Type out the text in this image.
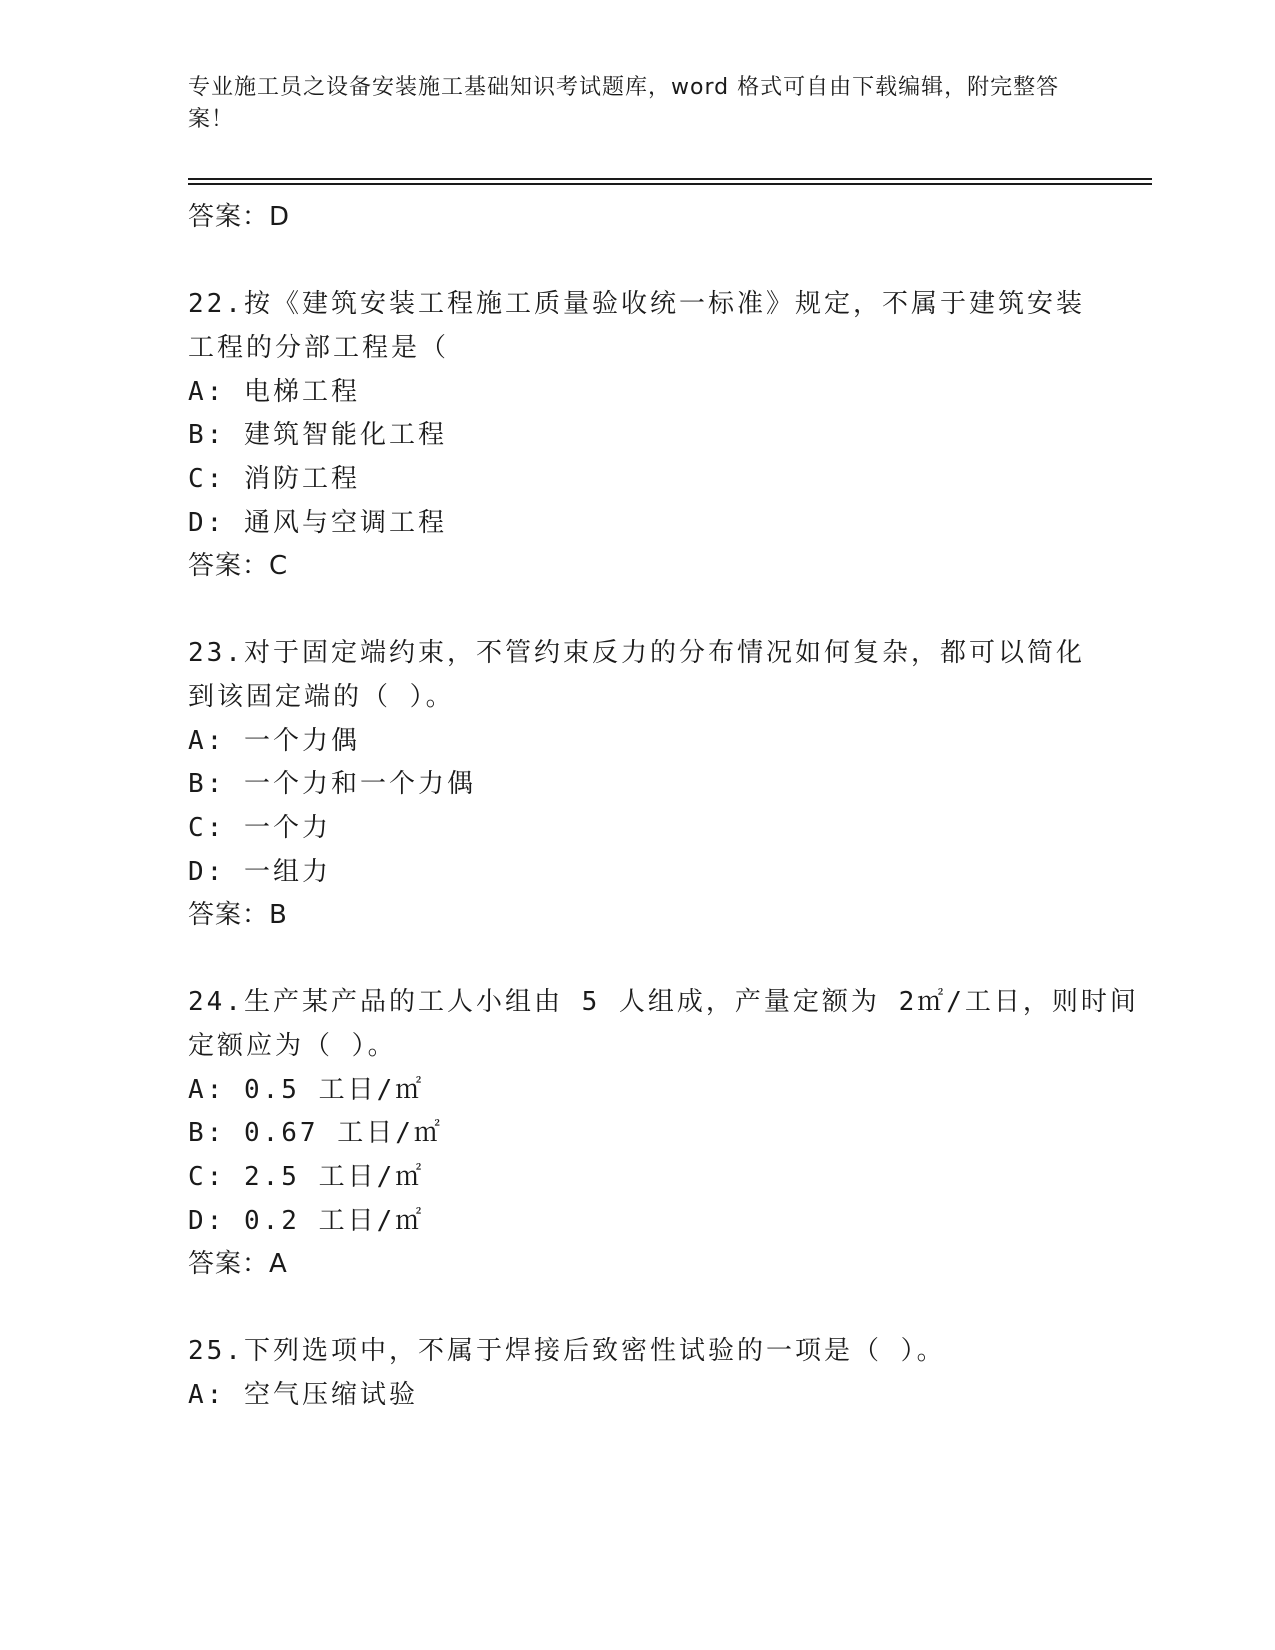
专业施工员之设备安装施工基础知识考试题库，word 格式可自由下载编辑，附完整答案！
答案：D
22.按《建筑安装工程施工质量验收统一标准》规定，不属于建筑安装
工程的分部工程是（
A: 电梯工程
B: 建筑智能化工程
C: 消防工程
D: 通风与空调工程
答案：C
23.对于固定端约束，不管约束反力的分布情况如何复杂，都可以简化
到该固定端的（ ）。
A: 一个力偶
B: 一个力和一个力偶
C: 一个力
D: 一组力
答案：B
24.生产某产品的工人小组由 5 人组成，产量定额为 2㎡/工日，则时间
定额应为（ ）。
A: 0.5 工日/㎡
B: 0.67 工日/㎡
C: 2.5 工日/㎡
D: 0.2 工日/㎡
答案：A
25.下列选项中，不属于焊接后致密性试验的一项是（ ）。
A: 空气压缩试验
